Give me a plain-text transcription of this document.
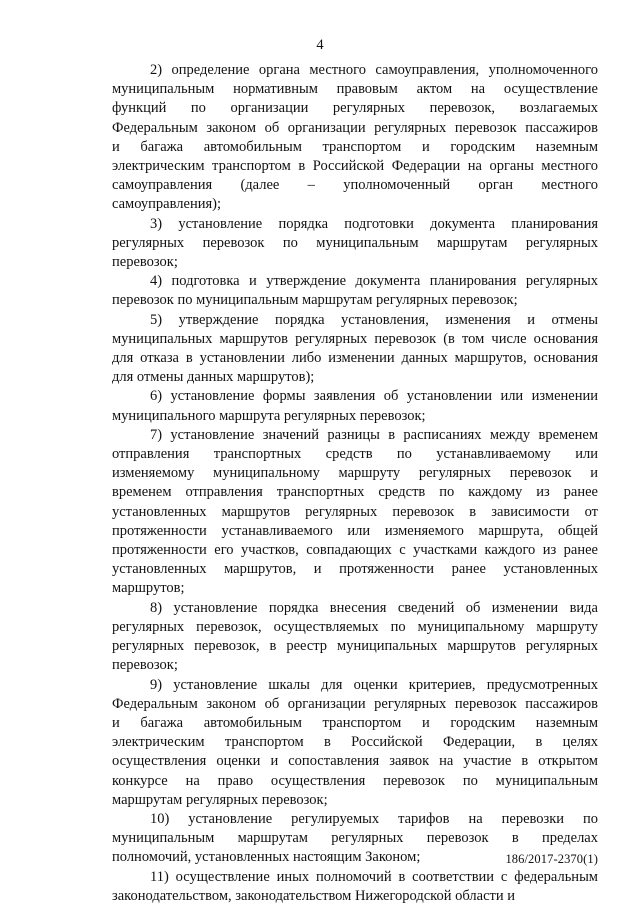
4
2) определение органа местного самоуправления, уполномоченного
муниципальным нормативным правовым актом на осуществление
функций по организации регулярных перевозок, возлагаемых
Федеральным законом об организации регулярных перевозок пассажиров
и багажа автомобильным транспортом и городским наземным
электрическим транспортом в Российской Федерации на органы местного
самоуправления (далее – уполномоченный орган местного
самоуправления);
3) установление порядка подготовки документа планирования
регулярных перевозок по муниципальным маршрутам регулярных
перевозок;
4) подготовка и утверждение документа планирования регулярных
перевозок по муниципальным маршрутам регулярных перевозок;
5) утверждение порядка установления, изменения и отмены
муниципальных маршрутов регулярных перевозок (в том числе основания
для отказа в установлении либо изменении данных маршрутов, основания
для отмены данных маршрутов);
6) установление формы заявления об установлении или изменении
муниципального маршрута регулярных перевозок;
7) установление значений разницы в расписаниях между временем
отправления транспортных средств по устанавливаемому или
изменяемому муниципальному маршруту регулярных перевозок и
временем отправления транспортных средств по каждому из ранее
установленных маршрутов регулярных перевозок в зависимости от
протяженности устанавливаемого или изменяемого маршрута, общей
протяженности его участков, совпадающих с участками каждого из ранее
установленных маршрутов, и протяженности ранее установленных
маршрутов;
8) установление порядка внесения сведений об изменении вида
регулярных перевозок, осуществляемых по муниципальному маршруту
регулярных перевозок, в реестр муниципальных маршрутов регулярных
перевозок;
9) установление шкалы для оценки критериев, предусмотренных
Федеральным законом об организации регулярных перевозок пассажиров
и багажа автомобильным транспортом и городским наземным
электрическим транспортом в Российской Федерации, в целях
осуществления оценки и сопоставления заявок на участие в открытом
конкурсе на право осуществления перевозок по муниципальным
маршрутам регулярных перевозок;
10) установление регулируемых тарифов на перевозки по
муниципальным маршрутам регулярных перевозок в пределах
полномочий, установленных настоящим Законом;
11) осуществление иных полномочий в соответствии с федеральным
законодательством, законодательством Нижегородской области и
186/2017-2370(1)
